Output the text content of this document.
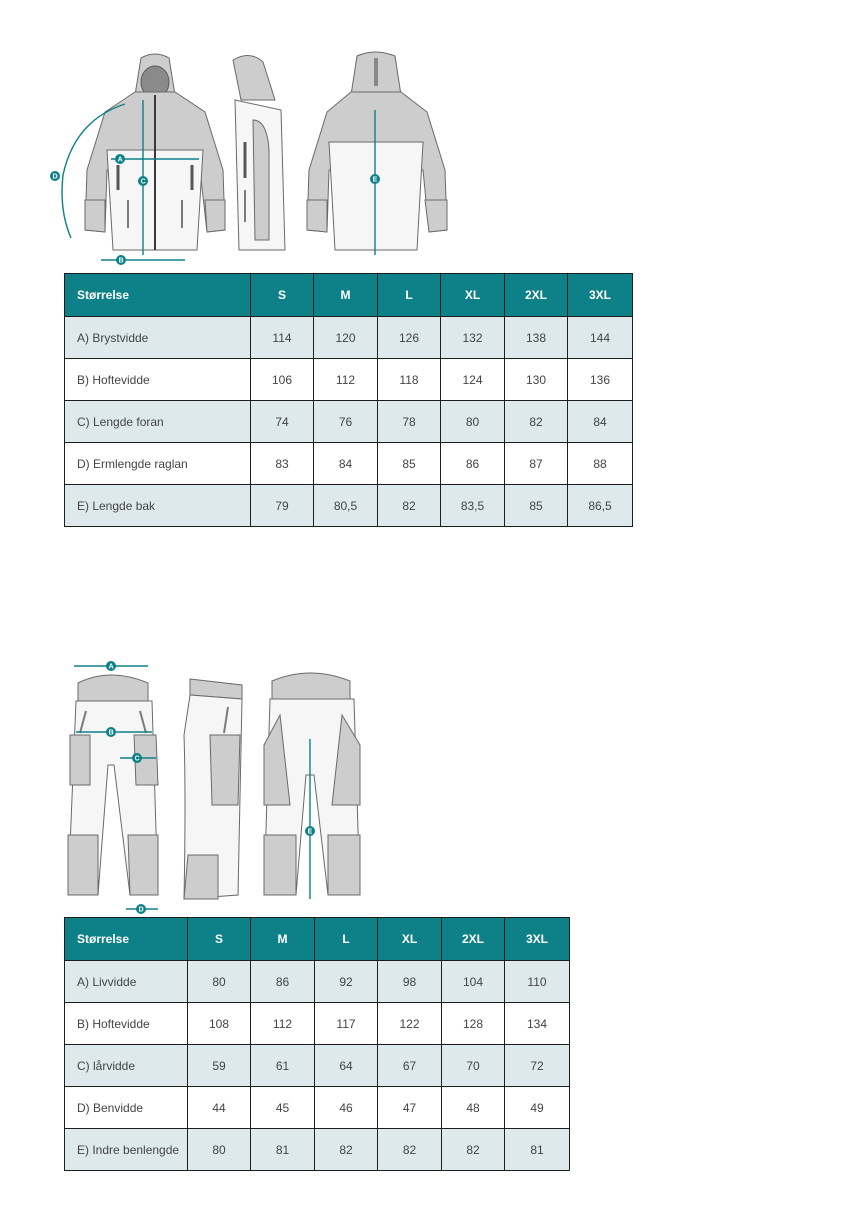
A
B
C
D	E
Størrelse	S	M	L	XL	2XL	3XL
A) Brystvidde	114	120	126	132	138	144
B) Hoftevidde	106	112	118	124	130	136
C) Lengde foran	74	76	78	80	82	84
D) Ermlengde raglan	83	84	85	86	87	88
E) Lengde bak	79	80,5	82	83,5	85	86,5
A
B
C
D
E
Størrelse	S	M	L	XL	2XL	3XL
A) Livvidde	80	86	92	98	104	110
B) Hoftevidde	108	112	117	122	128	134
C) lårvidde	59	61	64	67	70	72
D) Benvidde	44	45	46	47	48	49
E) Indre benlengde	80	81	82	82	82	81
